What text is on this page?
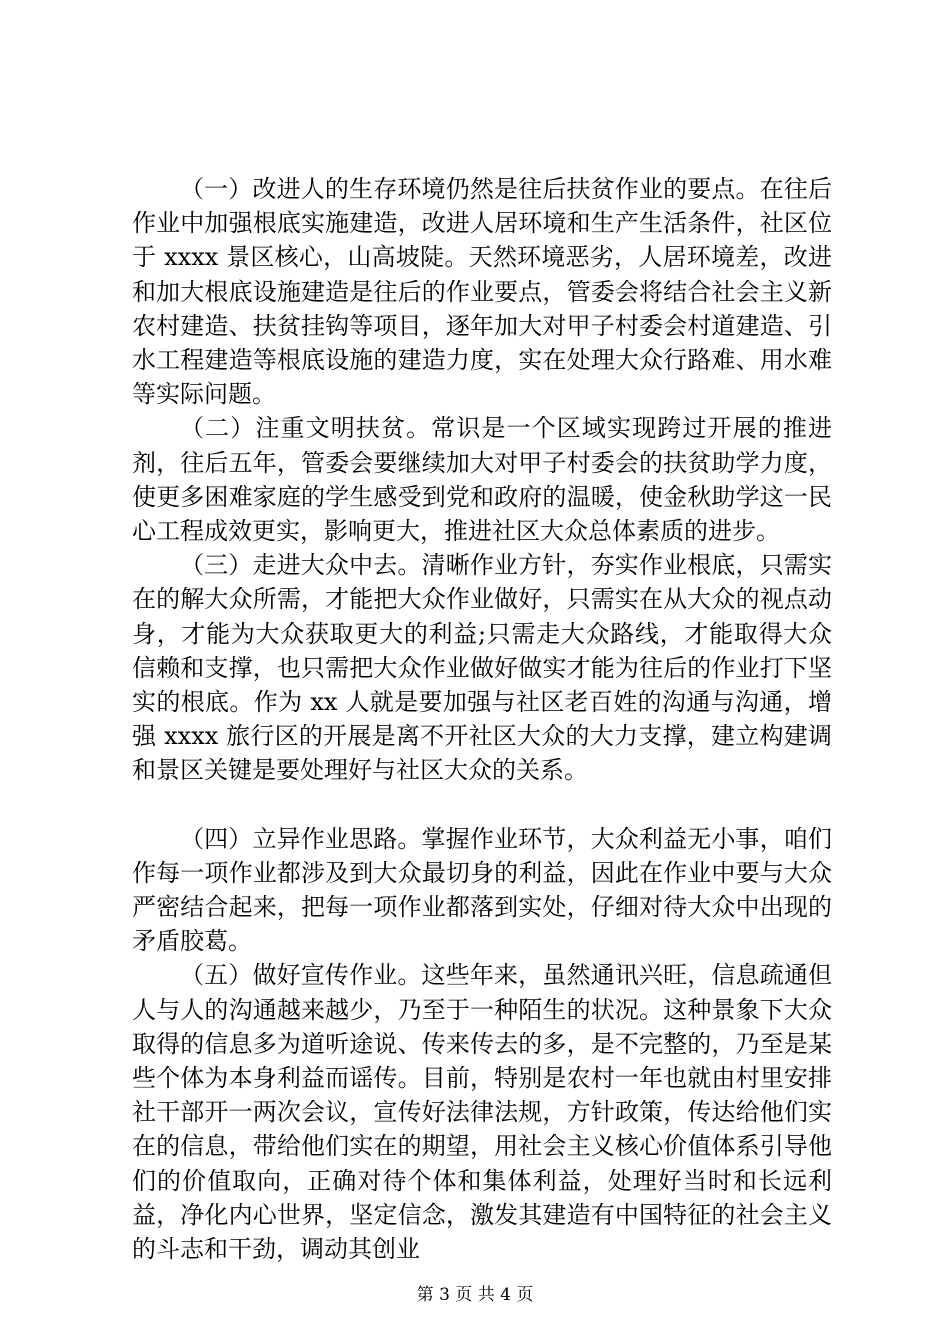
（一）改进人的生存环境仍然是往后扶贫作业的要点。在往后作业中加强根底实施建造，改进人居环境和生产生活条件，社区位于 xxxx 景区核心，山高坡陡。天然环境恶劣，人居环境差，改进和加大根底设施建造是往后的作业要点，管委会将结合社会主义新农村建造、扶贫挂钩等项目，逐年加大对甲子村委会村道建造、引水工程建造等根底设施的建造力度，实在处理大众行路难、用水难等实际问题。

（二）注重文明扶贫。常识是一个区域实现跨过开展的推进剂，往后五年，管委会要继续加大对甲子村委会的扶贫助学力度，使更多困难家庭的学生感受到党和政府的温暖，使金秋助学这一民心工程成效更实，影响更大，推进社区大众总体素质的进步。

（三）走进大众中去。清晰作业方针，夯实作业根底，只需实在的解大众所需，才能把大众作业做好，只需实在从大众的视点动身，才能为大众获取更大的利益;只需走大众路线，才能取得大众信赖和支撑，也只需把大众作业做好做实才能为往后的作业打下坚实的根底。作为 xx 人就是要加强与社区老百姓的沟通与沟通，增强 xxxx 旅行区的开展是离不开社区大众的大力支撑，建立构建调和景区关键是要处理好与社区大众的关系。

（四）立异作业思路。掌握作业环节，大众利益无小事，咱们作每一项作业都涉及到大众最切身的利益，因此在作业中要与大众严密结合起来，把每一项作业都落到实处，仔细对待大众中出现的矛盾胶葛。

（五）做好宣传作业。这些年来，虽然通讯兴旺，信息疏通但人与人的沟通越来越少，乃至于一种陌生的状况。这种景象下大众取得的信息多为道听途说、传来传去的多，是不完整的，乃至是某些个体为本身利益而谣传。目前，特别是农村一年也就由村里安排社干部开一两次会议，宣传好法律法规，方针政策，传达给他们实在的信息，带给他们实在的期望，用社会主义核心价值体系引导他们的价值取向，正确对待个体和集体利益，处理好当时和长远利益，净化内心世界，坚定信念，激发其建造有中国特征的社会主义的斗志和干劲，调动其创业

第 3 页 共 4 页
